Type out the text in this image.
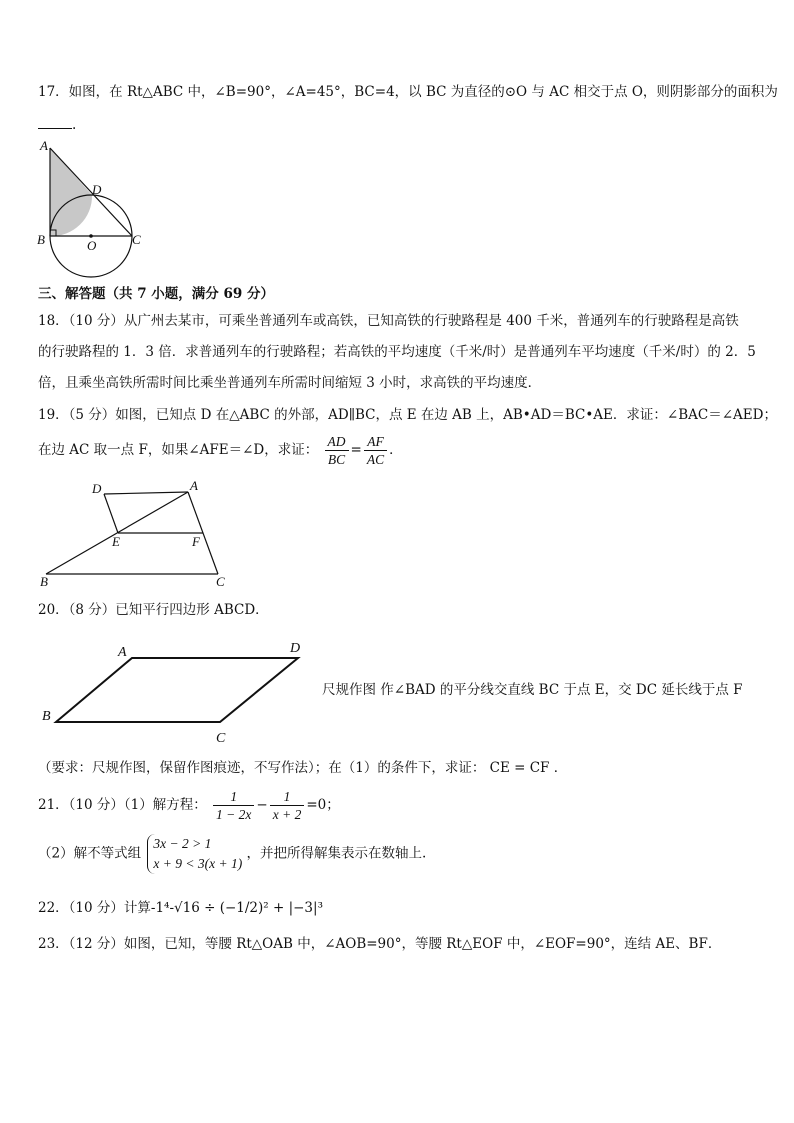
17．如图，在 Rt△ABC 中，∠B=90°，∠A=45°，BC=4，以 BC 为直径的⊙O 与 AC 相交于点 O，则阴影部分的面积为
.
A
D
B	O	C
三、解答题（共 7 小题，满分 69 分）
18．（10 分）从广州去某市，可乘坐普通列车或高铁，已知高铁的行驶路程是 400 千米，普通列车的行驶路程是高铁
的行驶路程的 1．3 倍．求普通列车的行驶路程；若高铁的平均速度（千米/时）是普通列车平均速度（千米/时）的 2．5
倍，且乘坐高铁所需时间比乘坐普通列车所需时间缩短 3 小时，求高铁的平均速度．
19．（5 分）如图，已知点 D 在△ABC 的外部，AD∥BC，点 E 在边 AB 上，AB•AD＝BC•AE．求证：∠BAC＝∠AED；
在边 AC 取一点 F，如果∠AFE＝∠D，求证： $\frac{AD}{BC} = \frac{AF}{AC}$ ．
D	A
E	F
B	C
20．（8 分）已知平行四边形 ABCD．
A	D
B
C
尺规作图 作∠BAD 的平分线交直线 BC 于点 E，交 DC 延长线于点 F
（要求：尺规作图，保留作图痕迹，不写作法）；在（1）的条件下，求证： CE = CF ．
21．（10 分）（1）解方程： $\frac{1}{1 - 2x} - \frac{1}{x + 2} =0$；
（2）解不等式组
3x − 2 > 1
x + 9 < 3(x + 1)
，并把所得解集表示在数轴上.
22．（10 分）计算-1⁴-√16 ÷ (−1/2)² + |−3|³
23．（12 分）如图，已知，等腰 Rt△OAB 中，∠AOB=90°，等腰 Rt△EOF 中，∠EOF=90°，连结 AE、BF．
